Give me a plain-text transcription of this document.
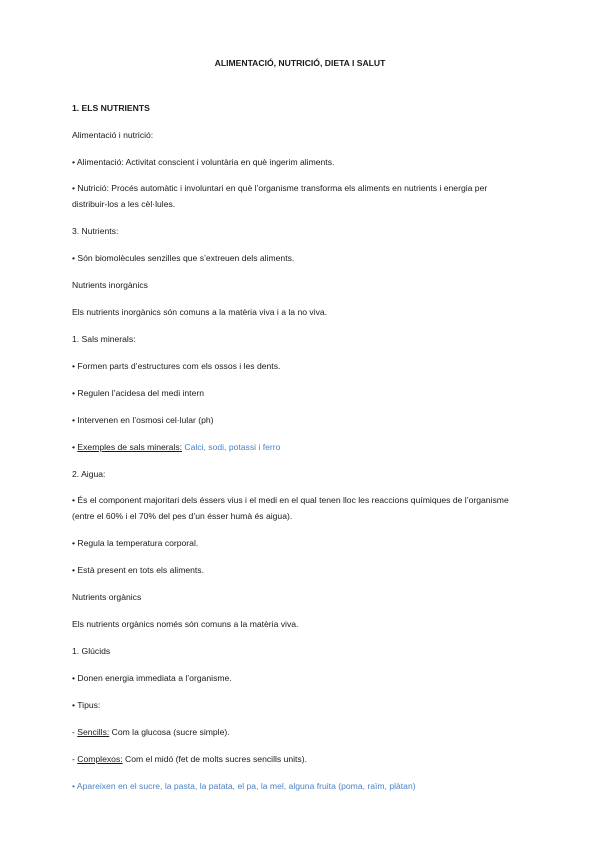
ALIMENTACIÓ, NUTRICIÓ, DIETA I SALUT
1. ELS NUTRIENTS
Alimentació i nutrició:
• Alimentació: Activitat conscient i voluntària en què ingerim aliments.
• Nutrició: Procés automàtic i involuntari en què l’organisme transforma els aliments en nutrients i energia per distribuir-los a les cèl·lules.
3. Nutrients:
• Són biomolècules senzilles que s’extreuen dels aliments.
Nutrients inorgànics
Els nutrients inorgànics són comuns a la matèria viva i a la no viva.
1. Sals minerals:
• Formen parts d’estructures com els ossos i les dents.
• Regulen l’acidesa del medi intern
• Intervenen en l’osmosi cel·lular (ph)
• Exemples de sals minerals: Calci, sodi, potassi i ferro
2. Aigua:
• És el component majoritari dels éssers vius i el medi en el qual tenen lloc les reaccions químiques de l’organisme (entre el 60% i el 70% del pes d’un ésser humà és aigua).
• Regula la temperatura corporal.
• Està present en tots els aliments.
Nutrients orgànics
Els nutrients orgànics només són comuns a la matèria viva.
1. Glúcids
• Donen energia immediata a l’organisme.
• Tipus:
- Sencills: Com la glucosa (sucre simple).
- Complexos: Com el midó (fet de molts sucres sencills units).
• Apareixen en el sucre, la pasta, la patata, el pa, la mel, alguna fruita (poma, raïm, plàtan)
